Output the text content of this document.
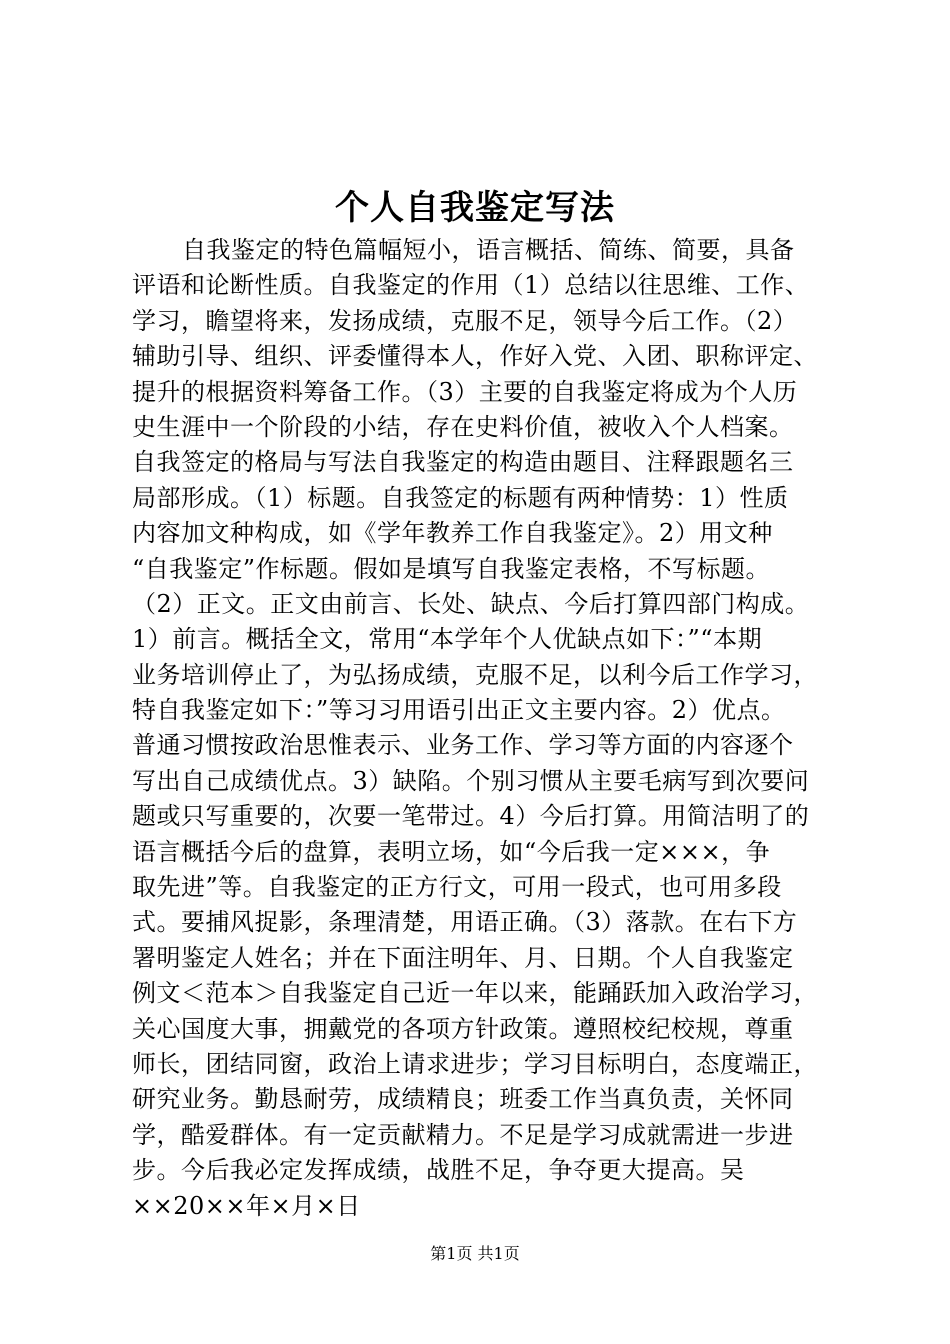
个人自我鉴定写法
自我鉴定的特色篇幅短小，语言概括、简练、简要，具备
评语和论断性质。自我鉴定的作用（1）总结以往思维、工作、
学习，瞻望将来，发扬成绩，克服不足，领导今后工作。（2）
辅助引导、组织、评委懂得本人，作好入党、入团、职称评定、
提升的根据资料筹备工作。（3）主要的自我鉴定将成为个人历
史生涯中一个阶段的小结，存在史料价值，被收入个人档案。
自我签定的格局与写法自我鉴定的构造由题目、注释跟题名三
局部形成。（1）标题。自我签定的标题有两种情势：1）性质
内容加文种构成，如《学年教养工作自我鉴定》。2）用文种
“自我鉴定”作标题。假如是填写自我鉴定表格，不写标题。
（2）正文。正文由前言、长处、缺点、今后打算四部门构成。
1）前言。概括全文，常用“本学年个人优缺点如下：”“本期
业务培训停止了，为弘扬成绩，克服不足，以利今后工作学习，
特自我鉴定如下：”等习习用语引出正文主要内容。2）优点。
普通习惯按政治思惟表示、业务工作、学习等方面的内容逐个
写出自己成绩优点。3）缺陷。个别习惯从主要毛病写到次要问
题或只写重要的，次要一笔带过。4）今后打算。用简洁明了的
语言概括今后的盘算，表明立场，如“今后我一定×××，争
取先进”等。自我鉴定的正方行文，可用一段式，也可用多段
式。要捕风捉影，条理清楚，用语正确。（3）落款。在右下方
署明鉴定人姓名；并在下面注明年、月、日期。个人自我鉴定
例文＜范本＞自我鉴定自己近一年以来，能踊跃加入政治学习，
关心国度大事，拥戴党的各项方针政策。遵照校纪校规，尊重
师长，团结同窗，政治上请求进步；学习目标明白，态度端正，
研究业务。勤恳耐劳，成绩精良；班委工作当真负责，关怀同
学，酷爱群体。有一定贡献精力。不足是学习成就需进一步进
步。今后我必定发挥成绩，战胜不足，争夺更大提高。吴
××20××年×月×日
第1页 共1页
